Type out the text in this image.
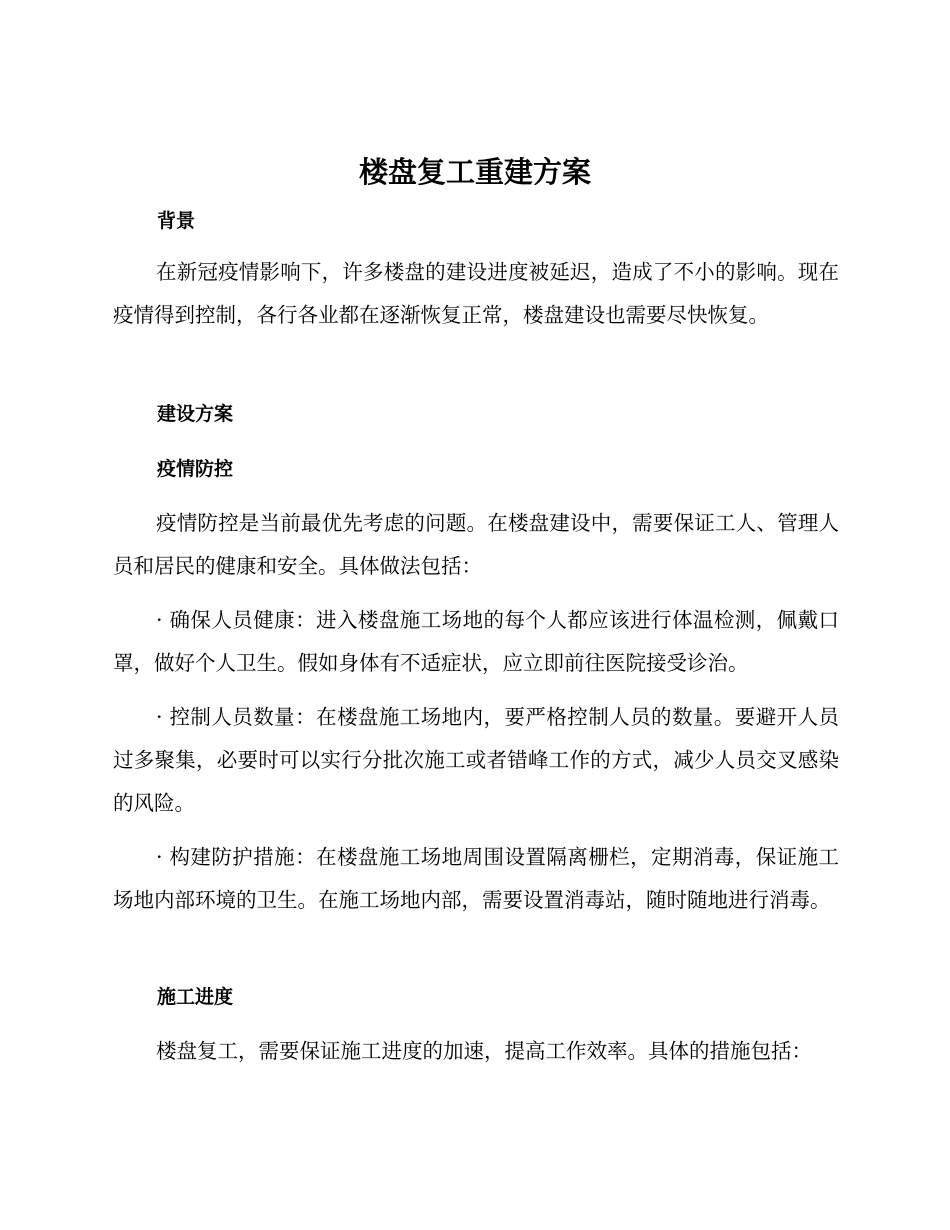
楼盘复工重建方案
背景

在新冠疫情影响下，许多楼盘的建设进度被延迟，造成了不小的影响。现在疫情得到控制，各行各业都在逐渐恢复正常，楼盘建设也需要尽快恢复。

建设方案
疫情防控

疫情防控是当前最优先考虑的问题。在楼盘建设中，需要保证工人、管理人员和居民的健康和安全。具体做法包括：

· 确保人员健康：进入楼盘施工场地的每个人都应该进行体温检测，佩戴口罩，做好个人卫生。假如身体有不适症状，应立即前往医院接受诊治。

· 控制人员数量：在楼盘施工场地内，要严格控制人员的数量。要避开人员过多聚集，必要时可以实行分批次施工或者错峰工作的方式，减少人员交叉感染的风险。

· 构建防护措施：在楼盘施工场地周围设置隔离栅栏，定期消毒，保证施工场地内部环境的卫生。在施工场地内部，需要设置消毒站，随时随地进行消毒。

施工进度

楼盘复工，需要保证施工进度的加速，提高工作效率。具体的措施包括：
